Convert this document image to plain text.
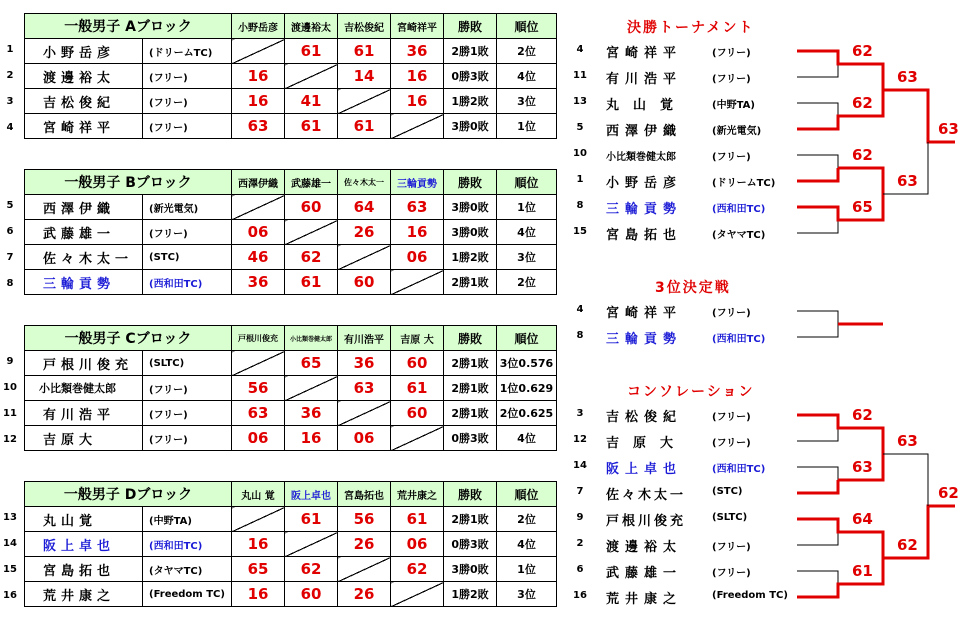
一般男子 Aブロック		小野岳彦	渡邊裕太	吉松俊紀	宮崎祥平	勝敗	順位
小野岳彦	(ドリームTC)		61	61	36	2勝1敗	2位
渡邊裕太	(フリー)	16		14	16	0勝3敗	4位
吉松俊紀	(フリー)	16	41		16	1勝2敗	3位
宮崎祥平	(フリー)	63	61	61		3勝0敗	1位
1
2
3
4
一般男子 Bブロック		西澤伊織	武藤雄一	佐々木太一	三輪貢勢	勝敗	順位
西澤伊織	(新光電気)		60	64	63	3勝0敗	1位
武藤雄一	(フリー)	06		26	16	3勝0敗	4位
佐々木太一	(STC)	46	62		06	1勝2敗	3位
三輪貢勢	(西和田TC)	36	61	60		2勝1敗	2位
5
6
7
8
一般男子 Cブロック		戸根川俊充	小比類巻健太郎	有川浩平	吉原 大	勝敗	順位
戸根川俊充	(SLTC)		65	36	60	2勝1敗	3位0.576
小比類巻健太郎	(フリー)	56		63	61	2勝1敗	1位0.629
有川浩平	(フリー)	63	36		60	2勝1敗	2位0.625
吉原大	(フリー)	06	16	06		0勝3敗	4位
9
10
11
12
一般男子 Dブロック		丸山 覚	阪上卓也	宮島拓也	荒井康之	勝敗	順位
丸山覚	(中野TA)		61	56	61	2勝1敗	2位
阪上卓也	(西和田TC)	16		26	06	0勝3敗	4位
宮島拓也	(タヤマTC)	65	62		62	3勝0敗	1位
荒井康之	(Freedom TC)	16	60	26		1勝2敗	3位
13
14
15
16
決勝トーナメント
3位決定戦
コンソレーション
4	宮崎祥平	(フリー)
11	有川浩平	(フリー)
13	丸山覚 (中野TA)
5	西澤伊織	(新光電気)
10	小比類巻健太郎	(フリー)
1	小野岳彦	(ドリームTC)
8	三輪貢勢	(西和田TC)
15	宮島拓也	(タヤマTC)
4	宮崎祥平	(フリー)
8	三輪貢勢	(西和田TC)
3	吉松俊紀	(フリー)
12	吉原大 (フリー)
14	阪上卓也	(西和田TC)
7	佐々木太一	(STC)
9	戸根川俊充	(SLTC)
2	渡邊裕太	(フリー)
6	武藤雄一	(フリー)
16	荒井康之	(Freedom TC)
62
62
62
65
63
63
63
62
64
61
63
63
62
62
